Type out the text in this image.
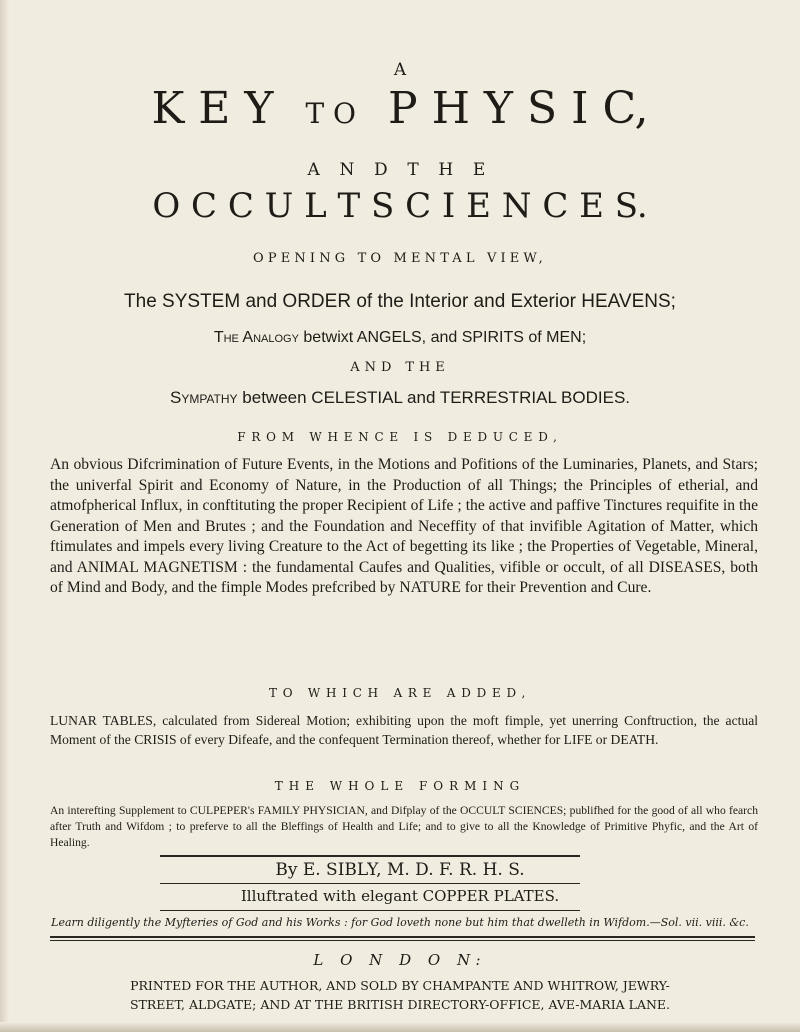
A
K E Y T O P H Y S I C,
A N D T H E
O C C U L T S C I E N C E S.
OPENING TO MENTAL VIEW,
The SYSTEM and ORDER of the Interior and Exterior HEAVENS;
The Analogy betwixt ANGELS, and SPIRITS of MEN;
AND THE
Sympathy between CELESTIAL and TERRESTRIAL BODIES.
FROM WHENCE IS DEDUCED,

An obvious Difcrimination of Future Events, in the Motions and Pofitions of the Luminaries, Planets, and Stars; the univerfal Spirit and Economy of Nature, in the Production of all Things; the Principles of etherial, and atmofpherical Influx, in conftituting the proper Recipient of Life ; the active and paffive Tinctures requifite in the Generation of Men and Brutes ; and the Foundation and Neceffity of that invifible Agitation of Matter, which ftimulates and impels every living Creature to the Act of begetting its like ; the Properties of Vegetable, Mineral, and ANIMAL MAGNETISM : the fundamental Caufes and Qualities, vifible or occult, of all DISEASES, both of Mind and Body, and the fimple Modes prefcribed by NATURE for their Prevention and Cure.

TO WHICH ARE ADDED,

LUNAR TABLES, calculated from Sidereal Motion; exhibiting upon the moft fimple, yet unerring Conftruction, the actual Moment of the CRISIS of every Difeafe, and the confequent Termination thereof, whether for LIFE or DEATH.

THE WHOLE FORMING

An interefting Supplement to CULPEPER's FAMILY PHYSICIAN, and Difplay of the OCCULT SCIENCES; publifhed for the good of all who fearch after Truth and Wifdom ; to preferve to all the Bleffings of Health and Life; and to give to all the Knowledge of Primitive Phyfic, and the Art of Healing.

By E. SIBLY, M. D. F. R. H. S.
Illuftrated with elegant COPPER PLATES.
Learn diligently the Myfteries of God and his Works : for God loveth none but him that dwelleth in Wifdom.—Sol. vii. viii. &c.
L O N D O N:
PRINTED FOR THE AUTHOR, AND SOLD BY CHAMPANTE AND WHITROW, JEWRY-
STREET, ALDGATE; AND AT THE BRITISH DIRECTORY-OFFICE, AVE-MARIA LANE.
